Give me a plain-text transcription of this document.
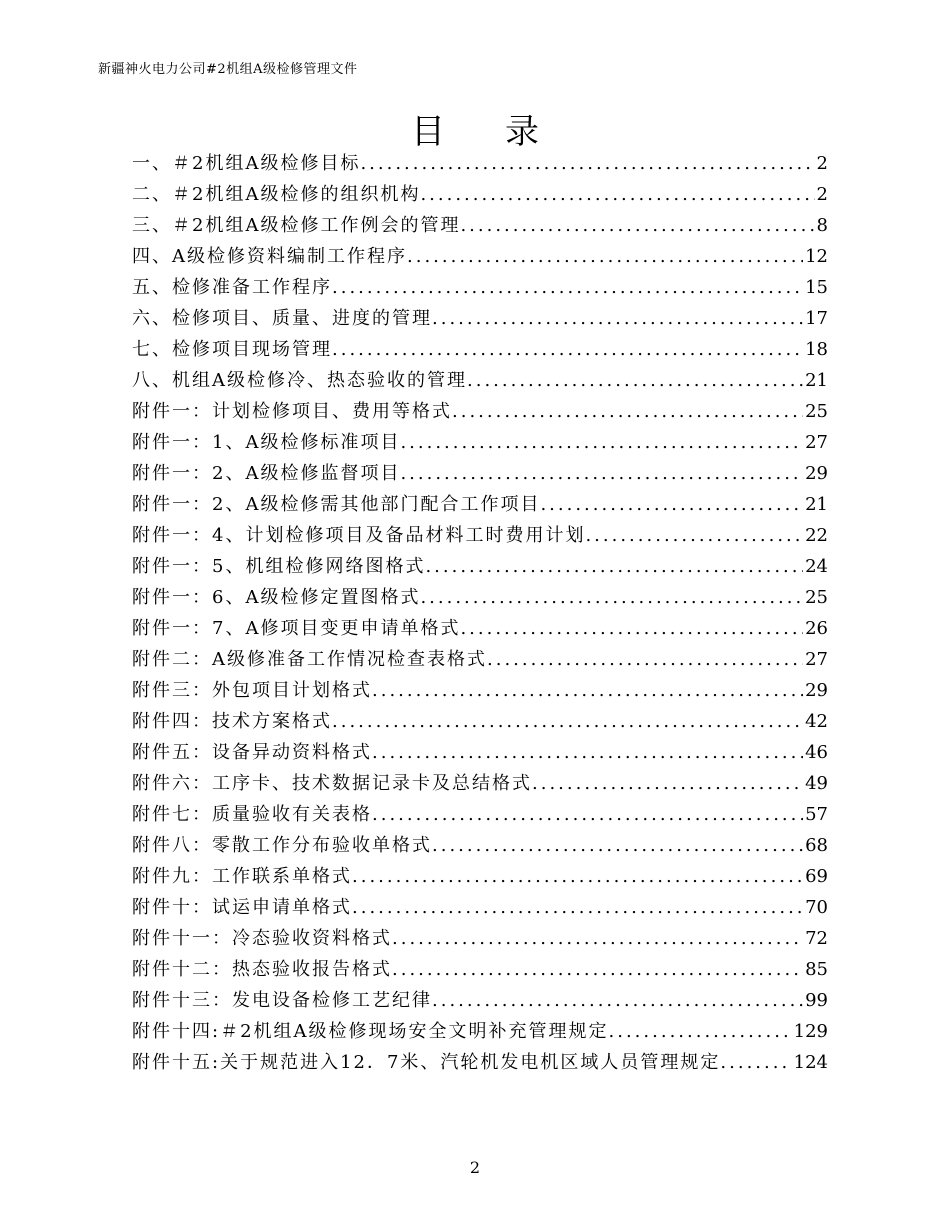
新疆神火电力公司#2机组A级检修管理文件
目录
一、＃2机组A级检修目标 .....	2
二、＃2机组A级检修的组织机构 .....	2
三、＃2机组A级检修工作例会的管理 .....	8
四、A级检修资料编制工作程序 .....	12
五、检修准备工作程序 .....	15
六、检修项目、质量、进度的管理 .....	17
七、检修项目现场管理 .....	18
八、机组A级检修冷、热态验收的管理 .....	21
附件一：计划检修项目、费用等格式 .....	25
附件一：1、A级检修标准项目 .....	27
附件一：2、A级检修监督项目 .....	29
附件一：2、A级检修需其他部门配合工作项目 .....	21
附件一：4、计划检修项目及备品材料工时费用计划 .....	22
附件一：5、机组检修网络图格式 .....	24
附件一：6、A级检修定置图格式 .....	25
附件一：7、A修项目变更申请单格式 .....	26
附件二：A级修准备工作情况检查表格式 .....	27
附件三：外包项目计划格式 .....	29
附件四：技术方案格式 .....	42
附件五：设备异动资料格式 .....	46
附件六：工序卡、技术数据记录卡及总结格式 .....	49
附件七：质量验收有关表格 .....	57
附件八：零散工作分布验收单格式 .....	68
附件九：工作联系单格式 .....	69
附件十：试运申请单格式 .....	70
附件十一：冷态验收资料格式 .....	72
附件十二：热态验收报告格式 .....	85
附件十三：发电设备检修工艺纪律 .....	99
附件十四:＃2机组A级检修现场安全文明补充管理规定 .....	129
附件十五:关于规范进入12．7米、汽轮机发电机区域人员管理规定 .....	124
2
